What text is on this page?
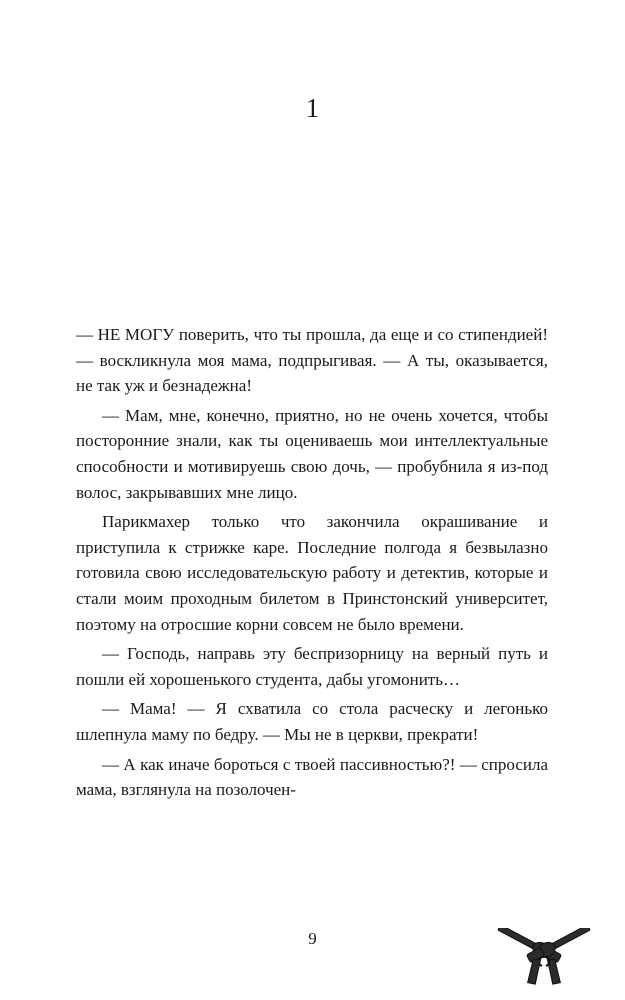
1

— НЕ МОГУ поверить, что ты прошла, да еще и со стипендией! — воскликнула моя мама, подпрыгивая. — А ты, оказывается, не так уж и безнадежна!

— Мам, мне, конечно, приятно, но не очень хочется, чтобы посторонние знали, как ты оцениваешь мои интеллектуальные способности и мотивируешь свою дочь, — пробубнила я из-под волос, закрывавших мне лицо.

Парикмахер только что закончила окрашивание и приступила к стрижке каре. Последние полгода я безвылазно готовила свою исследовательскую работу и детектив, которые и стали моим проходным билетом в Принстонский университет, поэтому на отросшие корни совсем не было времени.

— Господь, направь эту беспризорницу на верный путь и пошли ей хорошенького студента, дабы угомонить…

— Мама! — Я схватила со стола расческу и легонько шлепнула маму по бедру. — Мы не в церкви, прекрати!

— А как иначе бороться с твоей пассивностью?! — спросила мама, взглянула на позолочен-

9
